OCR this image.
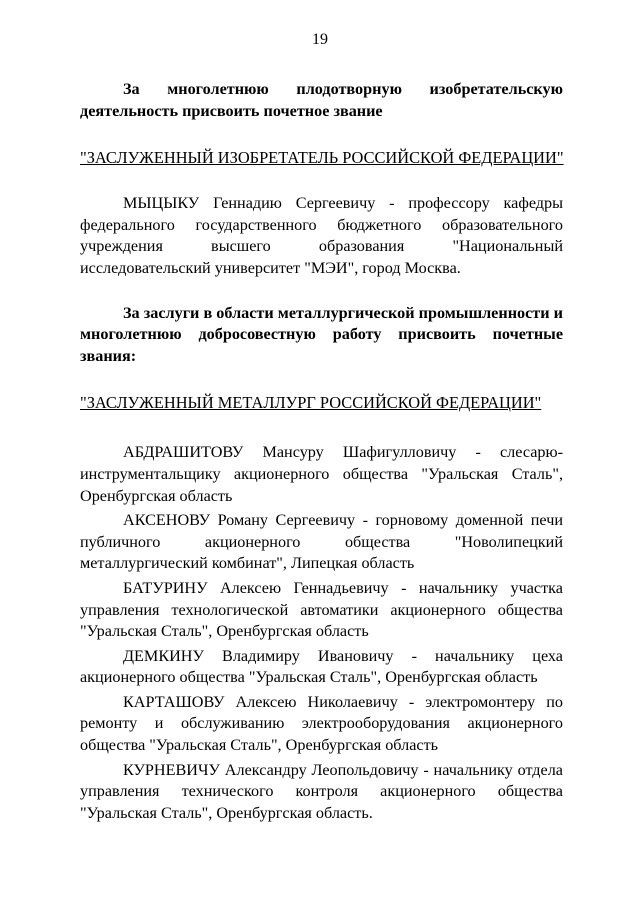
19

За многолетнюю плодотворную изобретательскую деятельность присвоить почетное звание

"ЗАСЛУЖЕННЫЙ ИЗОБРЕТАТЕЛЬ РОССИЙСКОЙ ФЕДЕРАЦИИ"

МЫЦЫКУ Геннадию Сергеевичу - профессору кафедры федерального государственного бюджетного образовательного учреждения высшего образования "Национальный исследовательский университет "МЭИ", город Москва.

За заслуги в области металлургической промышленности и многолетнюю добросовестную работу присвоить почетные звания:

"ЗАСЛУЖЕННЫЙ МЕТАЛЛУРГ РОССИЙСКОЙ ФЕДЕРАЦИИ"

АБДРАШИТОВУ Мансуру Шафигулловичу - слесарю-инструментальщику акционерного общества "Уральская Сталь", Оренбургская область

АКСЕНОВУ Роману Сергеевичу - горновому доменной печи публичного акционерного общества "Новолипецкий металлургический комбинат", Липецкая область

БАТУРИНУ Алексею Геннадьевичу - начальнику участка управления технологической автоматики акционерного общества "Уральская Сталь", Оренбургская область

ДЕМКИНУ Владимиру Ивановичу - начальнику цеха акционерного общества "Уральская Сталь", Оренбургская область

КАРТАШОВУ Алексею Николаевичу - электромонтеру по ремонту и обслуживанию электрооборудования акционерного общества "Уральская Сталь", Оренбургская область

КУРНЕВИЧУ Александру Леопольдовичу - начальнику отдела управления технического контроля акционерного общества "Уральская Сталь", Оренбургская область.
